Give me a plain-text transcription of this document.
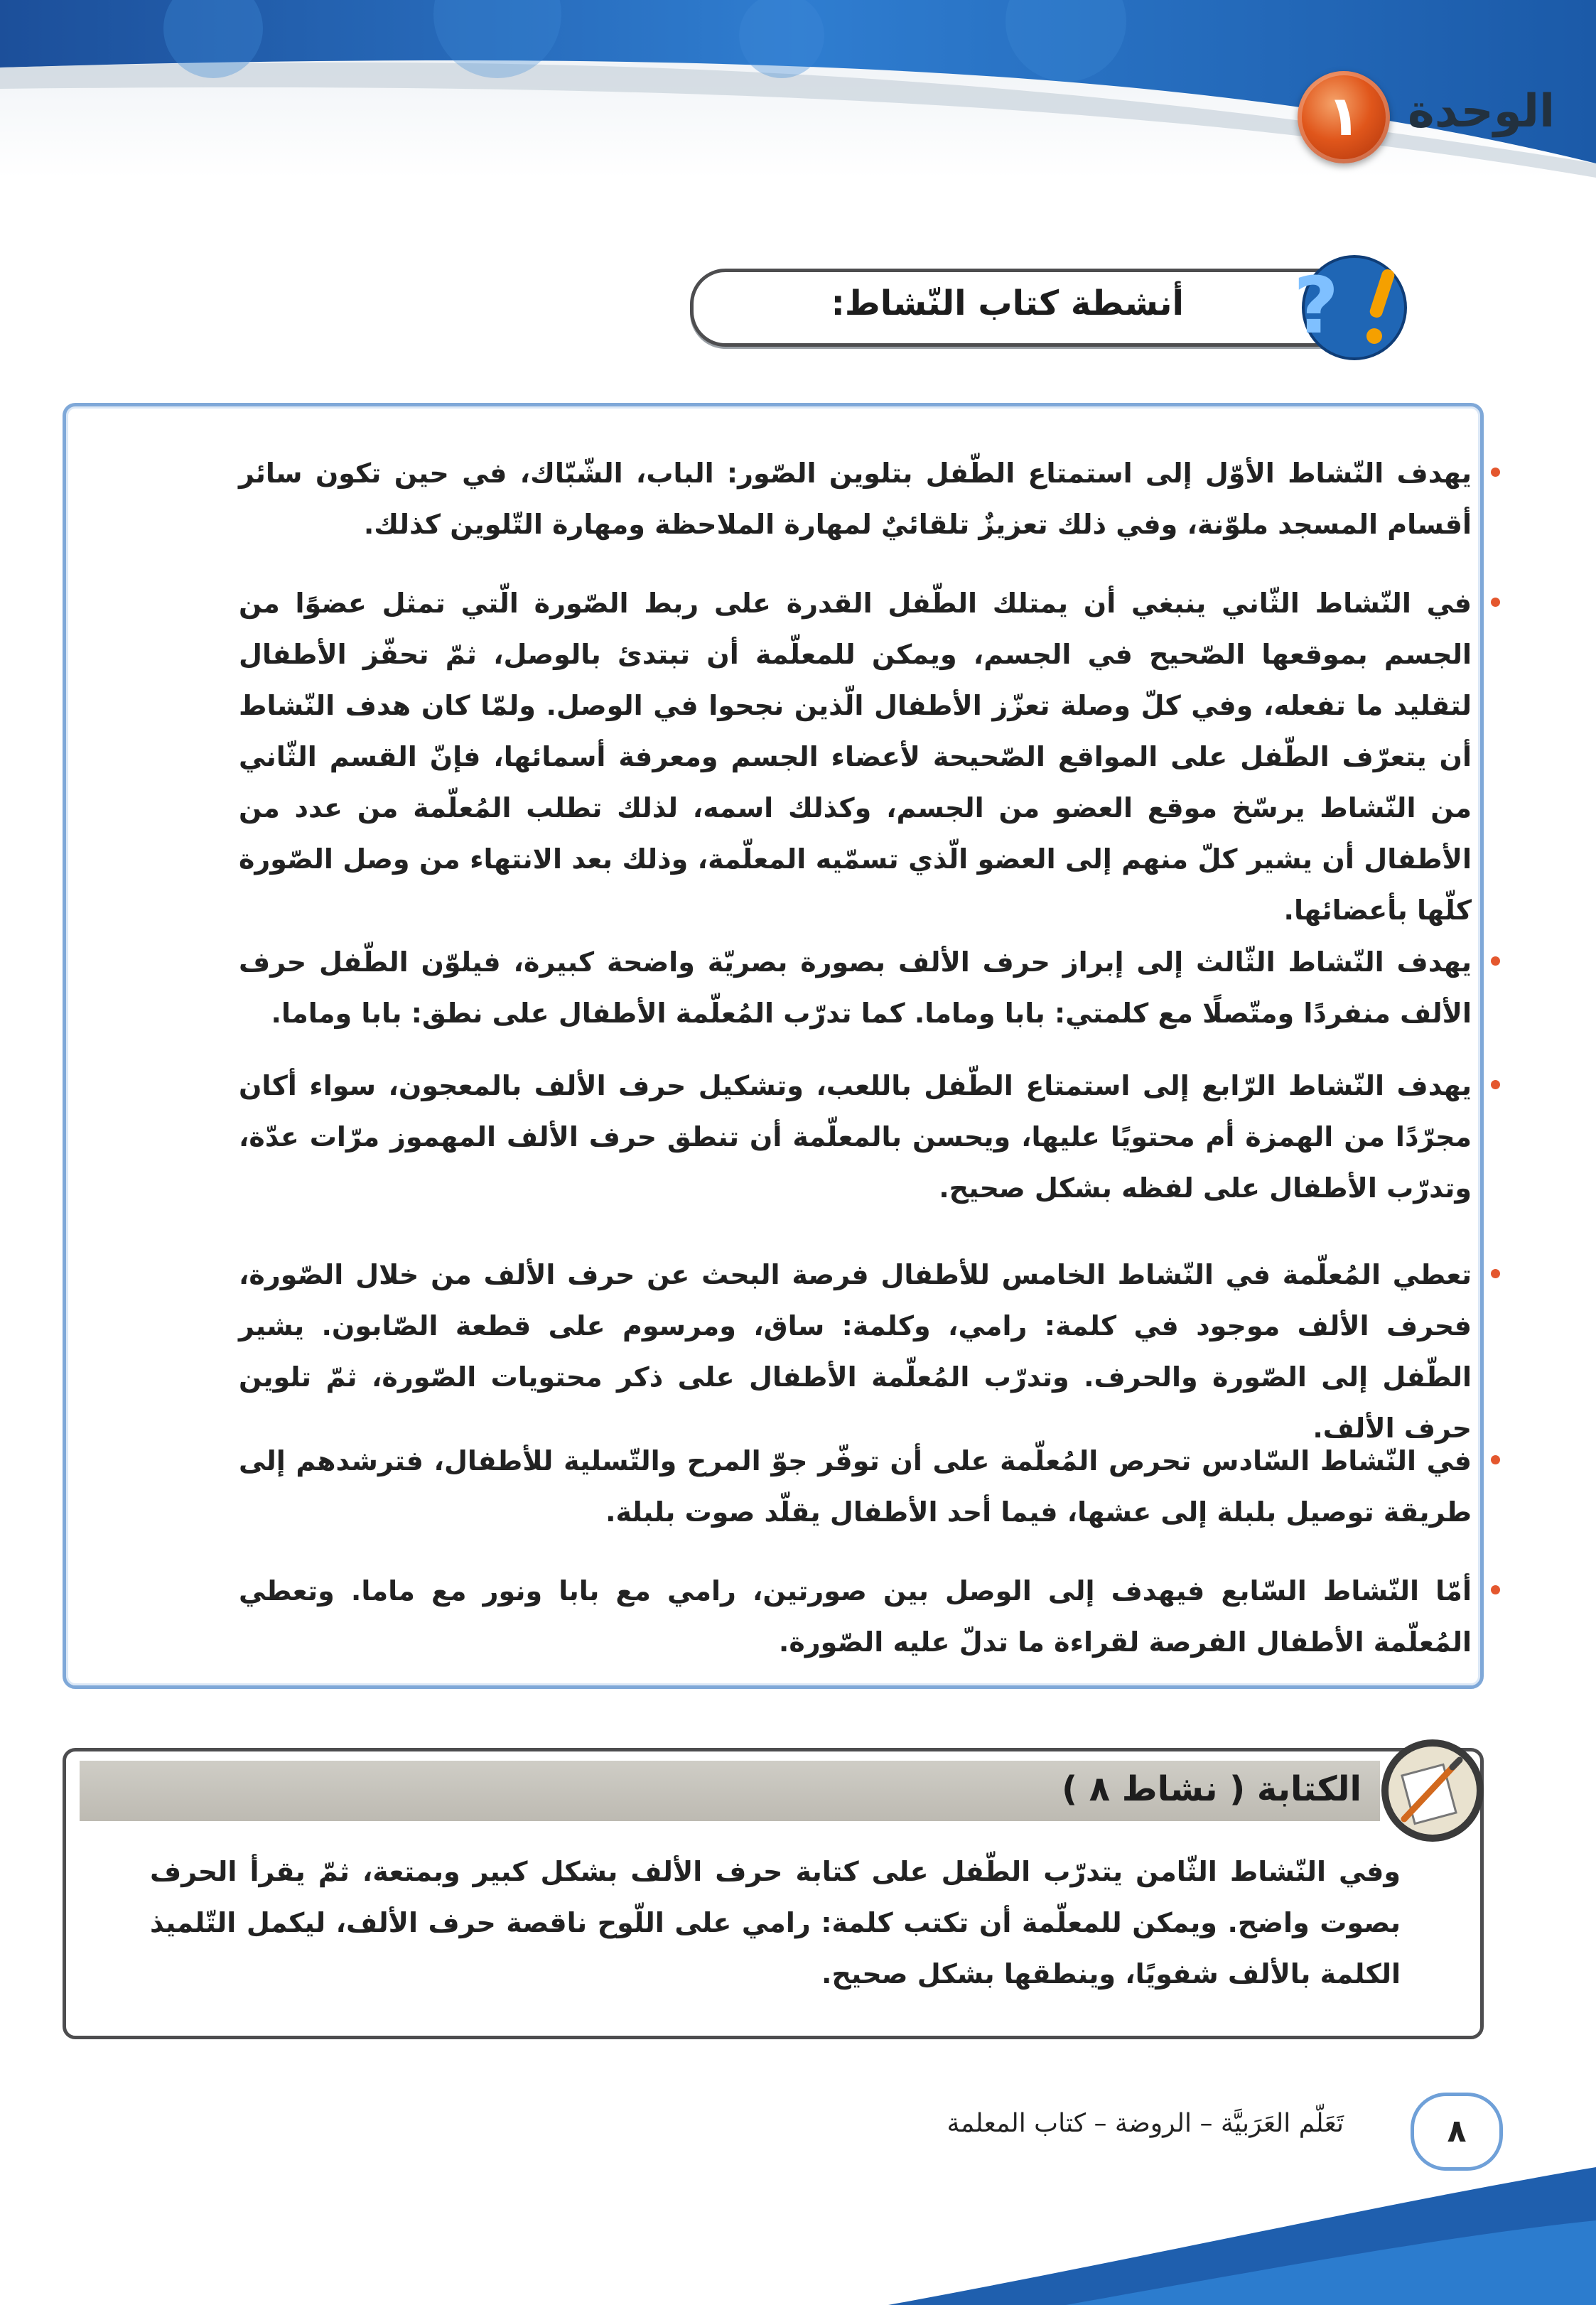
١	الوحدة
أنشطة كتاب النّشاط: ?
يهدف النّشاط الأوّل إلى استمتاع الطّفل بتلوين الصّور: الباب، الشّبّاك، في حين تكون سائر أقسام المسجد ملوّنة، وفي ذلك تعزيزٌ تلقائيٌ لمهارة الملاحظة ومهارة التّلوين كذلك.
في النّشاط الثّاني ينبغي أن يمتلك الطّفل القدرة على ربط الصّورة الّتي تمثل عضوًا من الجسم بموقعها الصّحيح في الجسم، ويمكن للمعلّمة أن تبتدئ بالوصل، ثمّ تحفّز الأطفال لتقليد ما تفعله، وفي كلّ وصلة تعزّز الأطفال الّذين نجحوا في الوصل. ولمّا كان هدف النّشاط أن يتعرّف الطّفل على المواقع الصّحيحة لأعضاء الجسم ومعرفة أسمائها، فإنّ القسم الثّاني من النّشاط يرسّخ موقع العضو من الجسم، وكذلك اسمه، لذلك تطلب المُعلّمة من عدد من الأطفال أن يشير كلّ منهم إلى العضو الّذي تسمّيه المعلّمة، وذلك بعد الانتهاء من وصل الصّورة كلّها بأعضائها.
يهدف النّشاط الثّالث إلى إبراز حرف الألف بصورة بصريّة واضحة كبيرة، فيلوّن الطّفل حرف الألف منفردًا ومتّصلًا مع كلمتي: بابا وماما. كما تدرّب المُعلّمة الأطفال على نطق: بابا وماما.
يهدف النّشاط الرّابع إلى استمتاع الطّفل باللعب، وتشكيل حرف الألف بالمعجون، سواء أكان مجرّدًا من الهمزة أم محتويًا عليها، ويحسن بالمعلّمة أن تنطق حرف الألف المهموز مرّات عدّة، وتدرّب الأطفال على لفظه بشكل صحيح.
تعطي المُعلّمة في النّشاط الخامس للأطفال فرصة البحث عن حرف الألف من خلال الصّورة، فحرف الألف موجود في كلمة: رامي، وكلمة: ساق، ومرسوم على قطعة الصّابون. يشير الطّفل إلى الصّورة والحرف. وتدرّب المُعلّمة الأطفال على ذكر محتويات الصّورة، ثمّ تلوين حرف الألف.
في النّشاط السّادس تحرص المُعلّمة على أن توفّر جوّ المرح والتّسلية للأطفال، فترشدهم إلى طريقة توصيل بلبلة إلى عشها، فيما أحد الأطفال يقلّد صوت بلبلة.
أمّا النّشاط السّابع فيهدف إلى الوصل بين صورتين، رامي مع بابا ونور مع ماما. وتعطي المُعلّمة الأطفال الفرصة لقراءة ما تدلّ عليه الصّورة.
الكتابة ( نشاط ٨ )
وفي النّشاط الثّامن يتدرّب الطّفل على كتابة حرف الألف بشكل كبير وبمتعة، ثمّ يقرأ الحرف بصوت واضح. ويمكن للمعلّمة أن تكتب كلمة: رامي على اللّوح ناقصة حرف الألف، ليكمل التّلميذ الكلمة بالألف شفويًا، وينطقها بشكل صحيح.
٨
تَعَلّم العَرَبيَّة – الروضة – كتاب المعلمة
